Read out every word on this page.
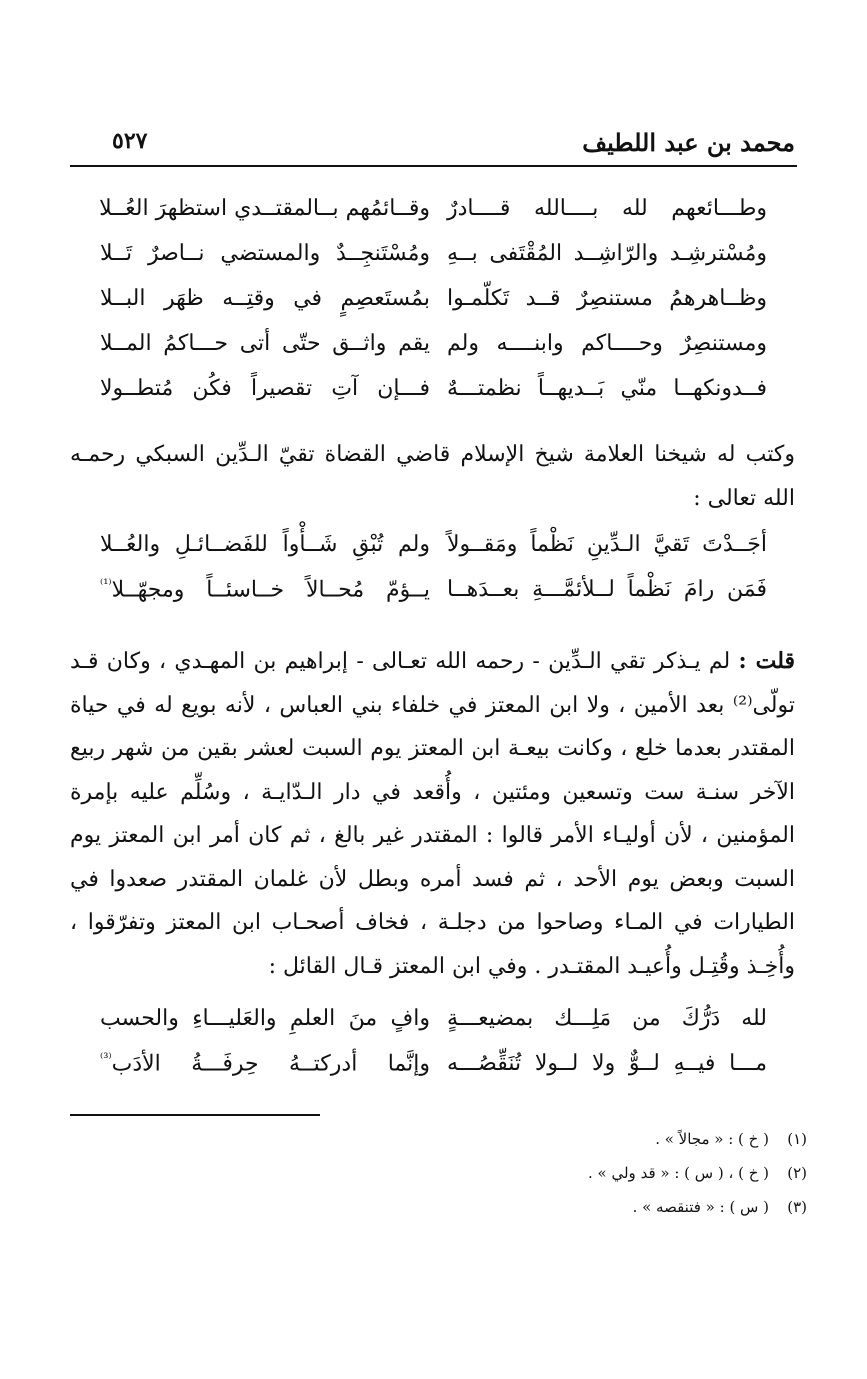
محمد بن عبد اللطيف
٥٢٧
وطـــائعهم لله بــــالله قــــادرٌ
وقــائمُهم بــالمقتــدي استظهرَ العُــلا
ومُسْترشِـد والرّاشِــد المُقْتَفى بــهِ
ومُسْتَنجِــدٌ والمستضي نــاصرٌ تَــلا
وظــاهرهمُ مستنصِرٌ قــد تَكلّمـوا
بمُستَعصِمٍ في وقتِــه ظهَر البــلا
ومستنصِرٌ وحــــاكم وابنــــه ولم
يقم واثــق حتّى أتى حـــاكمُ المــلا
فــدونكهــا منّي بَــديهــاً نظمتـــهٌ
فـــإن آتِ تقصيراً فكُن مُتطــولا
وكتب له شيخنا العلامة شيخ الإسلام قاضي القضاة تقيّ الـدِّين السبكي رحمـه الله تعالى :
أجَــدْتَ تَقيَّ الـدِّينِ نَظْماً ومَقــولاً
ولم تُبْقِ شَــأْواً للفَضــائـلِ والعُــلا
فَمَن رامَ نَظْماً لــلأئمَّـــةِ بعــدَهــا
يــؤمّ مُحــالاً خــاسئــاً ومجهّــلا$^{^{(1)}}$
قلت : لم يـذكر تقي الـدِّين - رحمه الله تعـالى - إبراهيم بن المهـدي ، وكان قـد تولّى⁽²⁾ بعد الأمين ، ولا ابن المعتز في خلفاء بني العباس ، لأنه بويع له في حياة المقتدر بعدما خلع ، وكانت بيعـة ابن المعتز يوم السبت لعشر بقين من شهر ربيع الآخر سنـة ست وتسعين ومئتين ، وأُقعد في دار الـدّايـة ، وسُلِّم عليه بإمرة المؤمنين ، لأن أوليـاء الأمر قالوا : المقتدر غير بالغ ، ثم كان أمر ابن المعتز يوم السبت وبعض يوم الأحد ، ثم فسد أمره وبطل لأن غلمان المقتدر صعدوا في الطيارات في المـاء وصاحوا من دجلـة ، فخاف أصحـاب ابن المعتز وتفرّقوا ، وأُخِـذ وقُتِـل وأُعيـد المقتـدر . وفي ابن المعتز قـال القائل :
لله دَرُّكَ من مَلِـــك بمضيعـــةٍ
وافٍ منَ العلمِ والعَليـــاءِ والحسب
مـــا فيــهِ لــوٌّ ولا لــولا تُنَقِّصُـــه
وإنَّما أدركتــهُ حِرفَـــةُ الأدَب$^{^{(3)}}$
(١)( خ ) : « مجالاً » .
(٢)( خ ) ، ( س ) : « قد ولي » .
(٣)( س ) : « فتنقصه » .
